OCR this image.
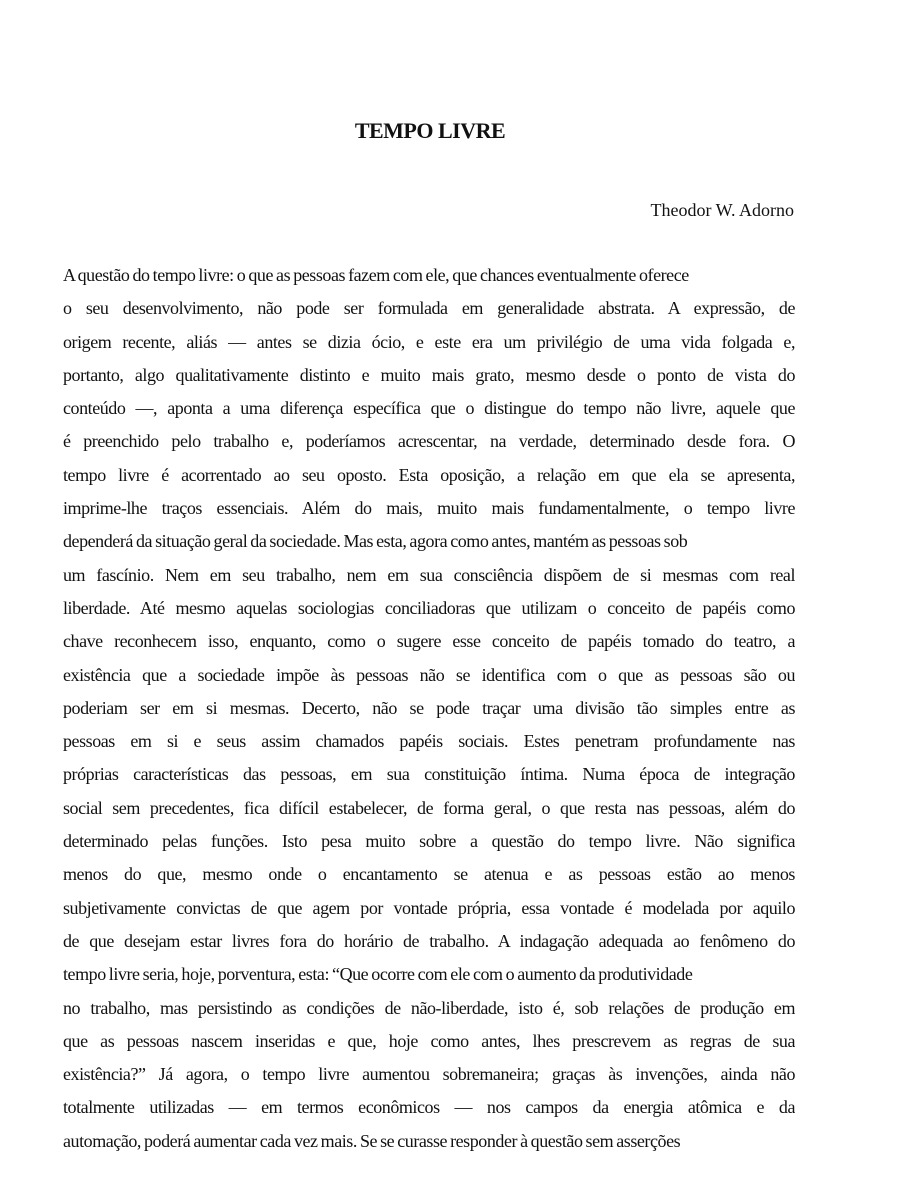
TEMPO LIVRE
Theodor W. Adorno
A questão do tempo livre: o que as pessoas fazem com ele, que chances eventualmente oferece
o seu desenvolvimento, não pode ser formulada em generalidade abstrata. A expressão, de
origem recente, aliás — antes se dizia ócio, e este era um privilégio de uma vida folgada e,
portanto, algo qualitativamente distinto e muito mais grato, mesmo desde o ponto de vista do
conteúdo —, aponta a uma diferença específica que o distingue do tempo não livre, aquele que
é preenchido pelo trabalho e, poderíamos acrescentar, na verdade, determinado desde fora. O
tempo livre é acorrentado ao seu oposto. Esta oposição, a relação em que ela se apresenta,
imprime-lhe traços essenciais. Além do mais, muito mais fundamentalmente, o tempo livre
dependerá da situação geral da sociedade. Mas esta, agora como antes, mantém as pessoas sob
um fascínio. Nem em seu trabalho, nem em sua consciência dispõem de si mesmas com real
liberdade. Até mesmo aquelas sociologias conciliadoras que utilizam o conceito de papéis como
chave reconhecem isso, enquanto, como o sugere esse conceito de papéis tomado do teatro, a
existência que a sociedade impõe às pessoas não se identifica com o que as pessoas são ou
poderiam ser em si mesmas. Decerto, não se pode traçar uma divisão tão simples entre as
pessoas em si e seus assim chamados papéis sociais. Estes penetram profundamente nas
próprias características das pessoas, em sua constituição íntima. Numa época de integração
social sem precedentes, fica difícil estabelecer, de forma geral, o que resta nas pessoas, além do
determinado pelas funções. Isto pesa muito sobre a questão do tempo livre. Não significa
menos do que, mesmo onde o encantamento se atenua e as pessoas estão ao menos
subjetivamente convictas de que agem por vontade própria, essa vontade é modelada por aquilo
de que desejam estar livres fora do horário de trabalho. A indagação adequada ao fenômeno do
tempo livre seria, hoje, porventura, esta: “Que ocorre com ele com o aumento da produtividade
no trabalho, mas persistindo as condições de não-liberdade, isto é, sob relações de produção em
que as pessoas nascem inseridas e que, hoje como antes, lhes prescrevem as regras de sua
existência?” Já agora, o tempo livre aumentou sobremaneira; graças às invenções, ainda não
totalmente utilizadas — em termos econômicos — nos campos da energia atômica e da
automação, poderá aumentar cada vez mais. Se se curasse responder à questão sem asserções
